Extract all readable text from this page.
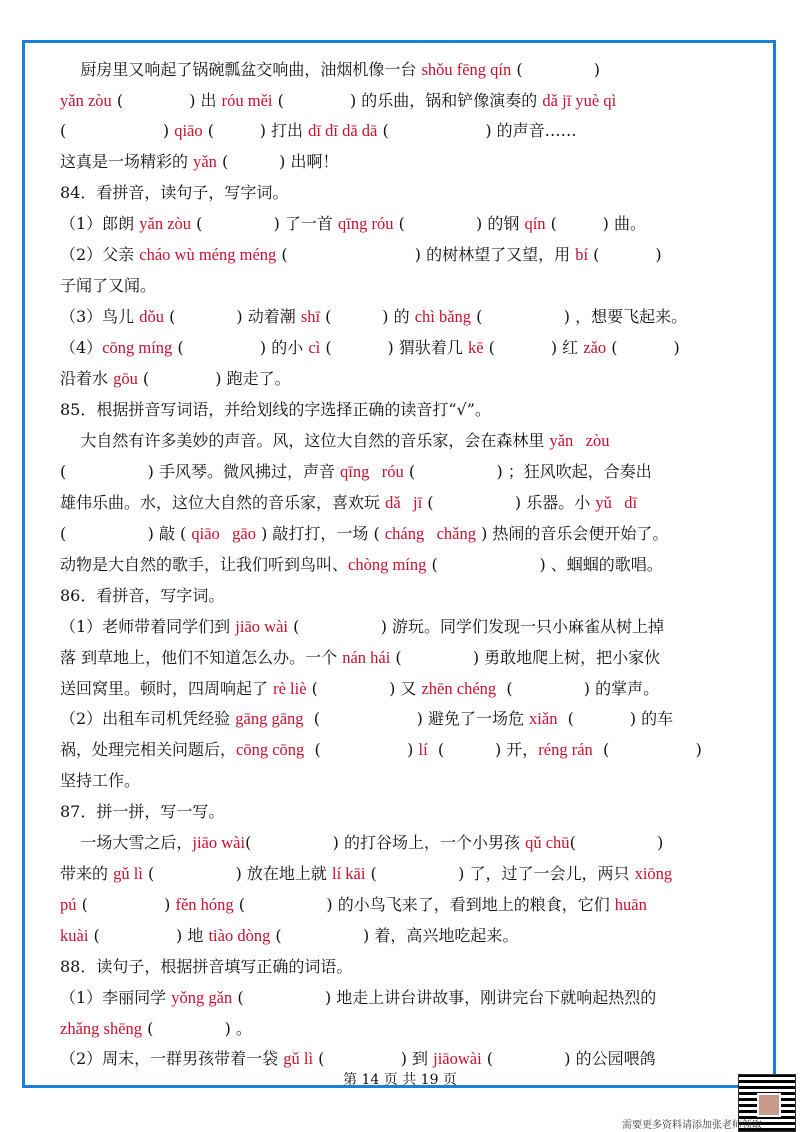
厨房里又响起了锅碗瓢盆交响曲，油烟机像一台 shǒu fēng qín (              )
yǎn zòu (             ) 出 róu měi (             ) 的乐曲，锅和铲像演奏的 dǎ jī yuè qì
(                   ) qiāo (         ) 打出 dī dī dā dā (                   ) 的声音……
这真是一场精彩的 yǎn (          ) 出啊！
84．看拼音，读句子，写字词。
（1）郎朗 yǎn zòu (              ) 了一首 qīng róu (              ) 的钢 qín (         ) 曲。
（2）父亲 cháo wù méng méng (                         ) 的树林望了又望，用 bí (           )
子闻了又闻。
（3）鸟儿 dǒu (            ) 动着潮 shī (          ) 的 chì bǎng (                ) ，想要飞起来。
（4）cōng míng (               ) 的小 cì (           ) 猬驮着几 kē (           ) 红 zǎo (           )
沿着水 gōu (             ) 跑走了。
85．根据拼音写词语，并给划线的字选择正确的读音打“√”。
大自然有许多美妙的声音。风，这位大自然的音乐家，会在森林里 yǎn   zòu
(                ) 手风琴。微风拂过，声音 qīng   róu (                ) ；狂风吹起，合奏出
雄伟乐曲。水，这位大自然的音乐家，喜欢玩 dǎ   jī (                ) 乐器。小 yǔ   dī
(                ) 敲 ( qiāo   gāo ) 敲打打，一场 ( cháng   chǎng ) 热闹的音乐会便开始了。
动物是大自然的歌手，让我们听到鸟叫、chòng míng (                    ) 、蝈蝈的歌唱。
86．看拼音，写字词。
（1）老师带着同学们到 jiāo wài (                ) 游玩。同学们发现一只小麻雀从树上掉
落 到草地上，他们不知道怎么办。一个 nán hái (              ) 勇敢地爬上树，把小家伙
送回窝里。顿时，四周响起了 rè liè (              ) 又 zhēn chéng  (              ) 的掌声。
（2）出租车司机凭经验 gāng gāng  (                   ) 避免了一场危 xiǎn  (           ) 的车
祸，处理完相关问题后，cōng cōng  (                 ) lí  (          ) 开，réng rán  (                 )
坚持工作。
87．拼一拼，写一写。
一场大雪之后，jiāo wài(                ) 的打谷场上，一个小男孩 qǔ chū(                )
带来的 gǔ lì (                ) 放在地上就 lí kāi (                ) 了，过了一会儿，两只 xiōng
pú (               ) fěn hóng (                ) 的小鸟飞来了，看到地上的粮食，它们 huān
kuài (               ) 地 tiào dòng (                ) 着，高兴地吃起来。
88．读句子，根据拼音填写正确的词语。
（1）李丽同学 yǒng gǎn (                ) 地走上讲台讲故事，刚讲完台下就响起热烈的
zhǎng shēng (              ) 。
（2）周末，一群男孩带着一袋 gǔ lì (               ) 到 jiāowài (              ) 的公园喂鸽
第 14 页 共 19 页
需要更多资料请添加张老师领取
